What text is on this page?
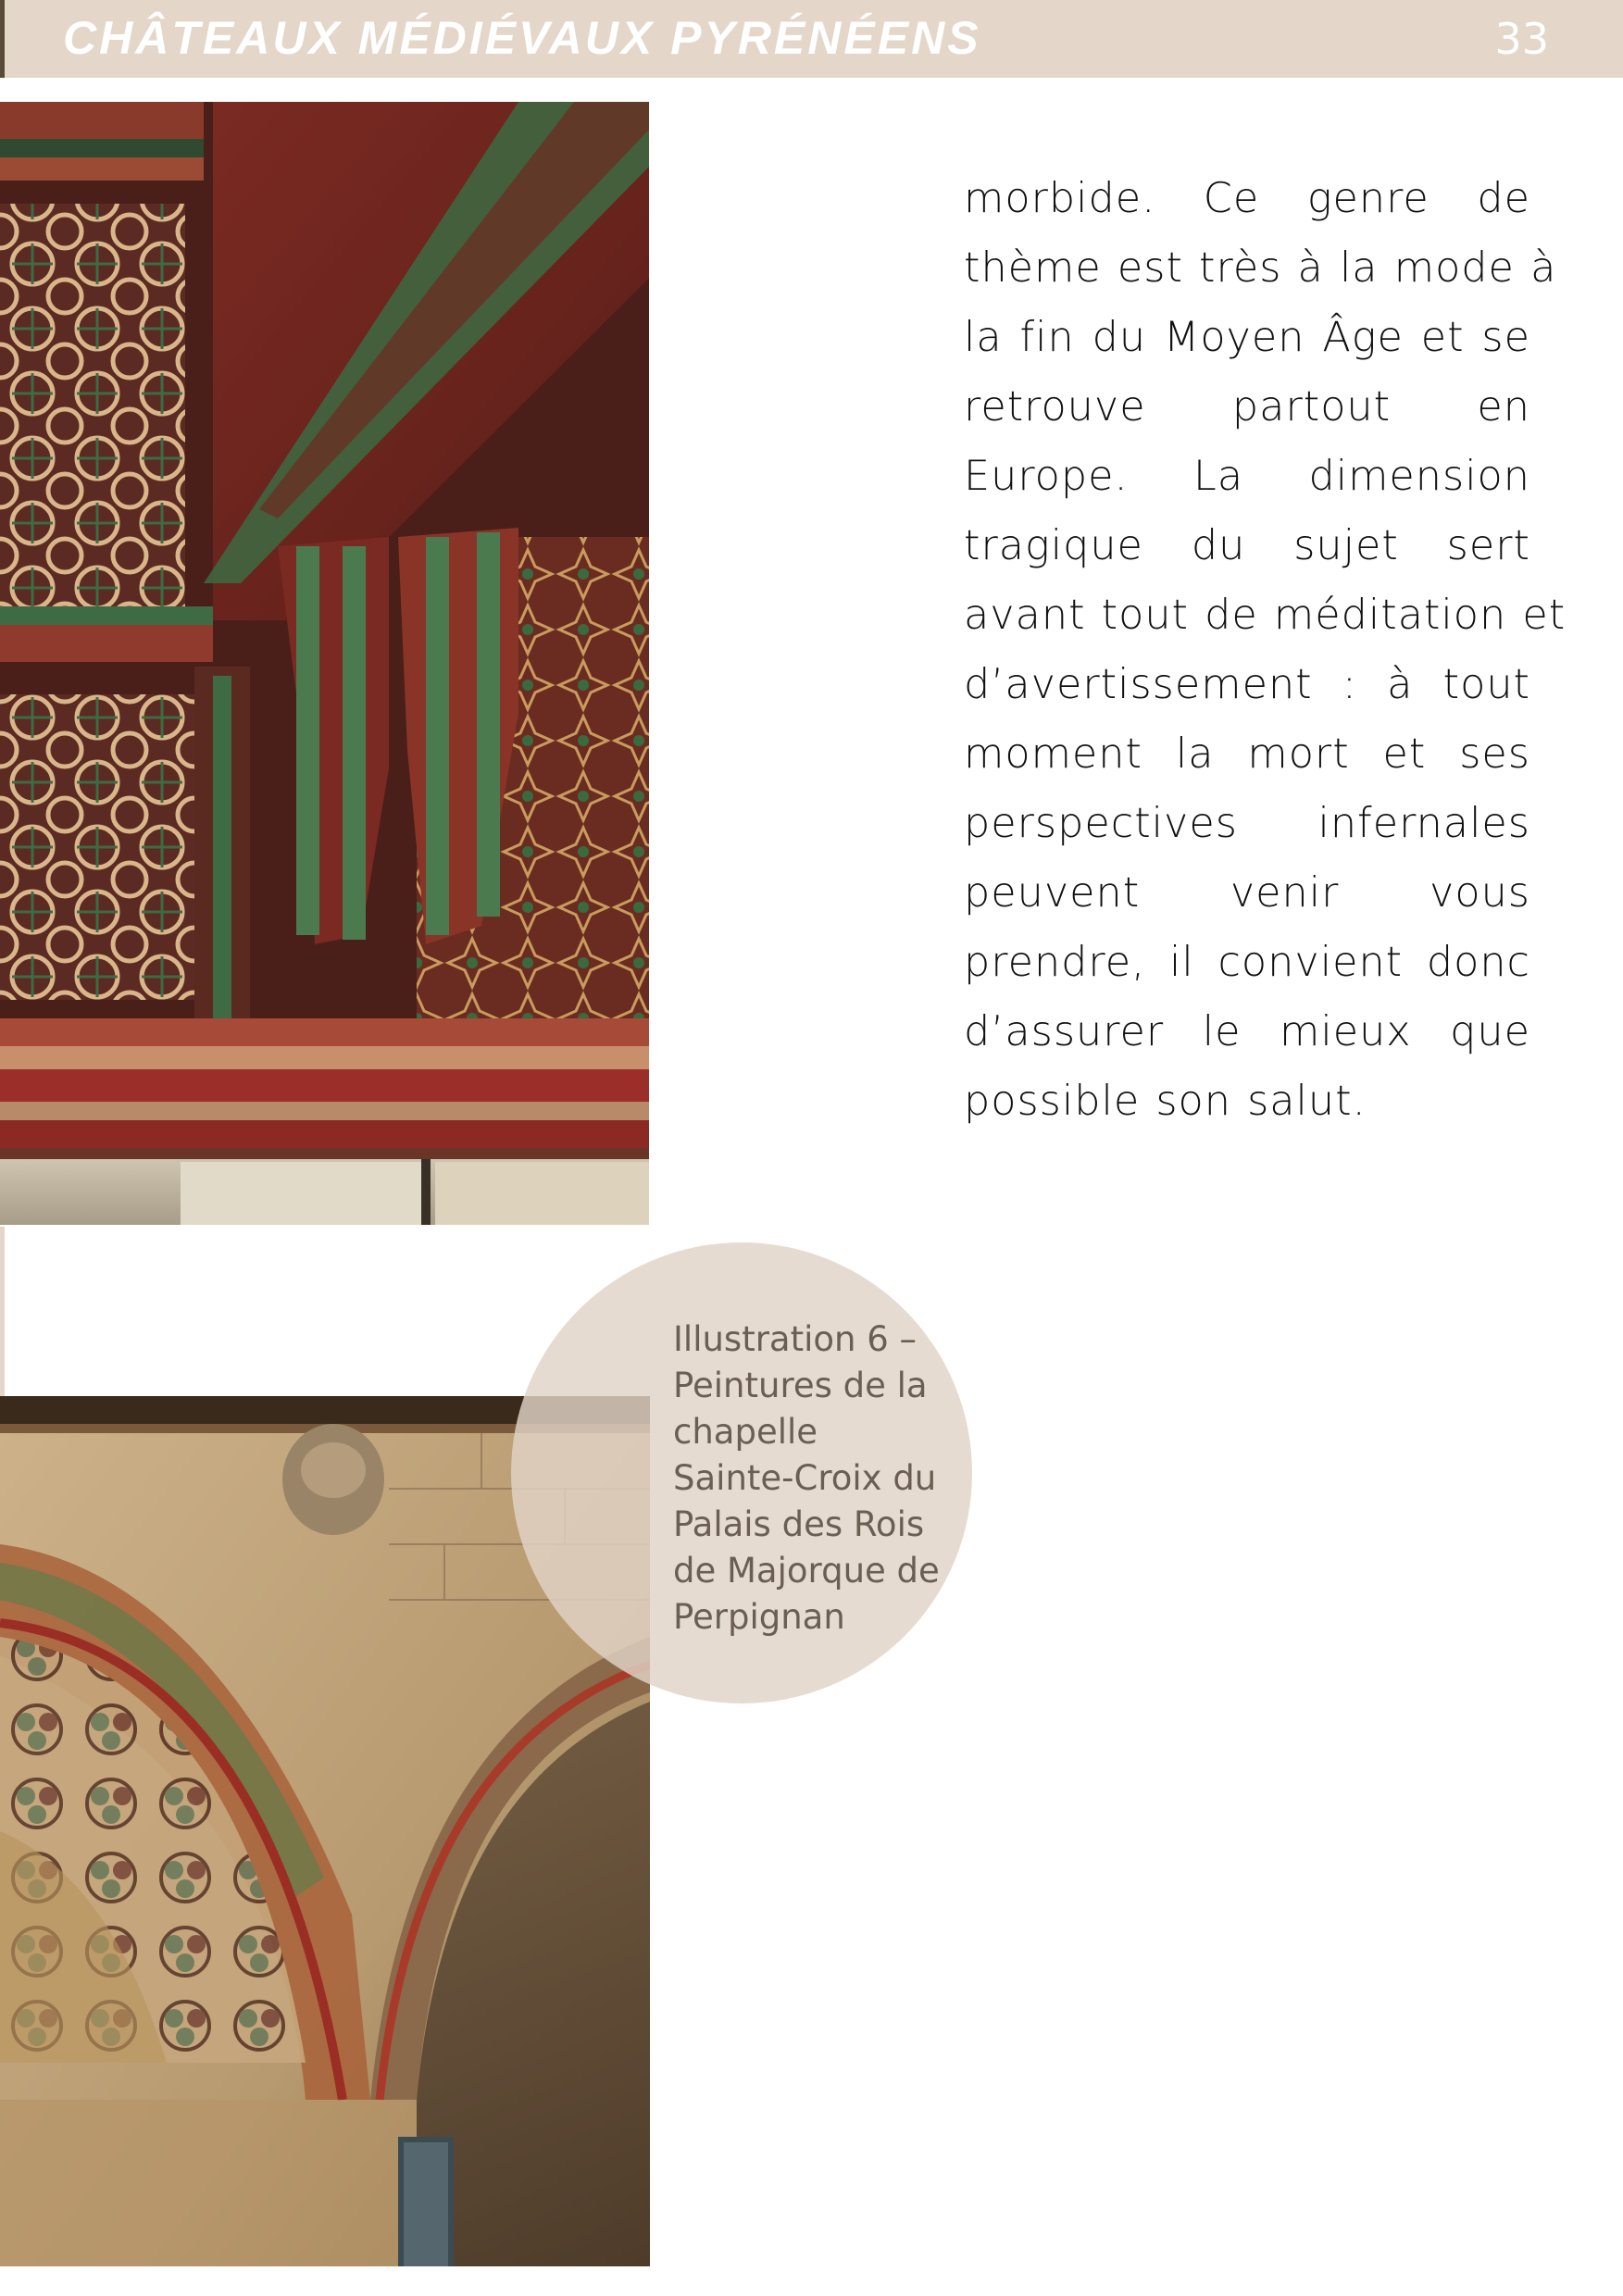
CHÂTEAUX MÉDIÉVAUX PYRÉNÉENS	33
Illustration 6 –
Peintures de la
chapelle
Sainte-Croix du
Palais des Rois
de Majorque de
Perpignan
morbide. Ce genre de
thème est très à la mode à
la fin du Moyen Âge et se
retrouve partout en
Europe. La dimension
tragique du sujet sert
avant tout de méditation et
d’avertissement : à tout
moment la mort et ses
perspectives infernales
peuvent venir vous
prendre, il convient donc
d’assurer le mieux que
possible son salut.
